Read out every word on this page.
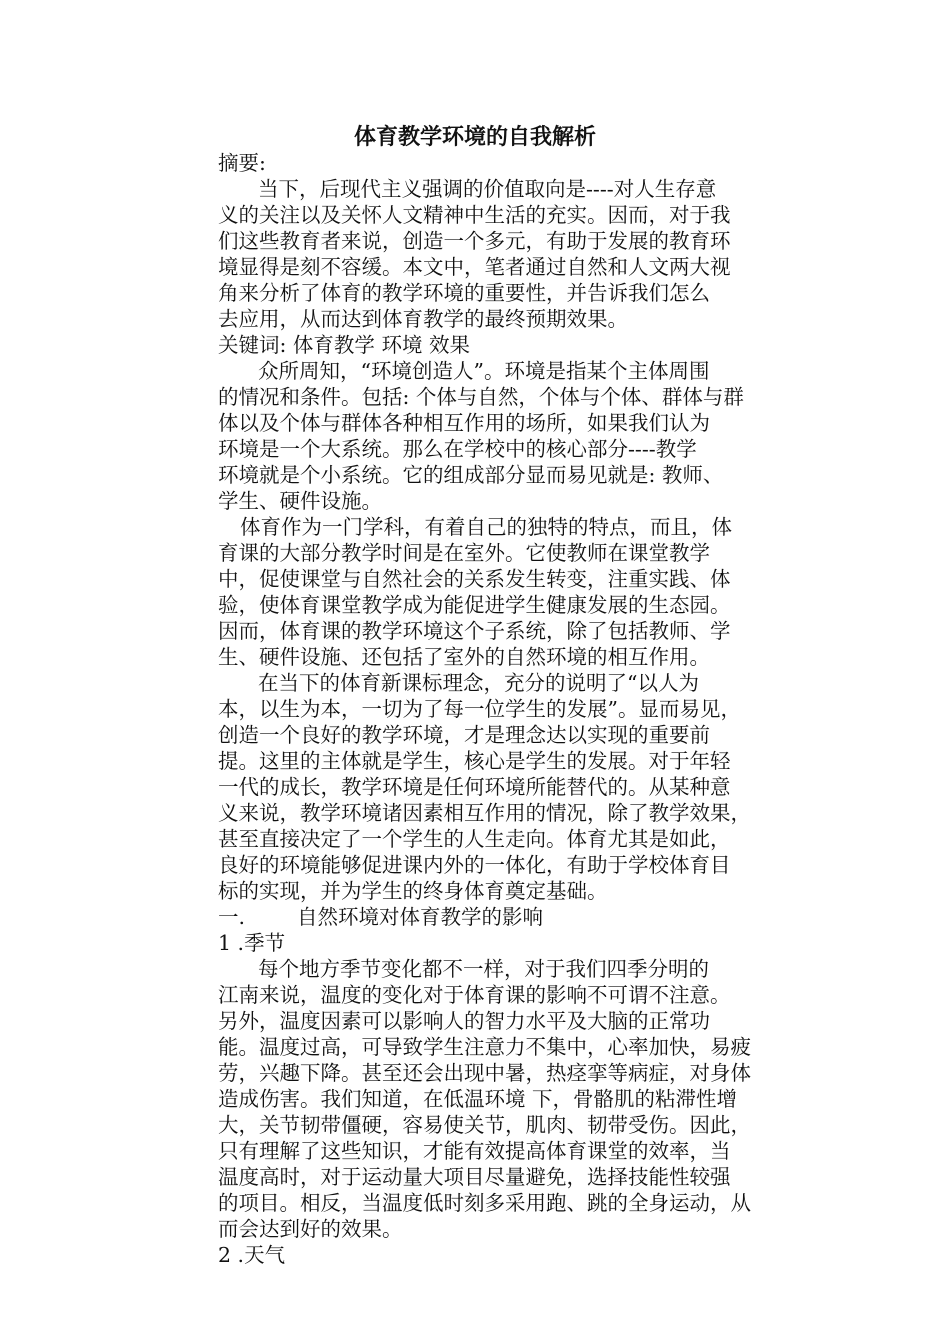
体育教学环境的自我解析
摘要:
当下，后现代主义强调的价值取向是----对人生存意
义的关注以及关怀人文精神中生活的充实。因而，对于我
们这些教育者来说，创造一个多元，有助于发展的教育环
境显得是刻不容缓。本文中，笔者通过自然和人文两大视
角来分析了体育的教学环境的重要性，并告诉我们怎么
去应用，从而达到体育教学的最终预期效果。
关键词: 体育教学 环境 效果
众所周知，“环境创造人”。环境是指某个主体周围
的情况和条件。包括: 个体与自然，个体与个体、群体与群
体以及个体与群体各种相互作用的场所，如果我们认为
环境是一个大系统。那么在学校中的核心部分----教学
环境就是个小系统。它的组成部分显而易见就是: 教师、
学生、硬件设施。
体育作为一门学科，有着自己的独特的特点，而且，体
育课的大部分教学时间是在室外。它使教师在课堂教学
中，促使课堂与自然社会的关系发生转变，注重实践、体
验，使体育课堂教学成为能促进学生健康发展的生态园。
因而，体育课的教学环境这个子系统，除了包括教师、学
生、硬件设施、还包括了室外的自然环境的相互作用。
在当下的体育新课标理念，充分的说明了“以人为
本，以生为本，一切为了每一位学生的发展”。显而易见，
创造一个良好的教学环境，才是理念达以实现的重要前
提。这里的主体就是学生，核心是学生的发展。对于年轻
一代的成长，教学环境是任何环境所能替代的。从某种意
义来说，教学环境诸因素相互作用的情况，除了教学效果，
甚至直接决定了一个学生的人生走向。体育尤其是如此，
良好的环境能够促进课内外的一体化，有助于学校体育目
标的实现，并为学生的终身体育奠定基础。
一.	自然环境对体育教学的影响
1 .季节
每个地方季节变化都不一样，对于我们四季分明的
江南来说，温度的变化对于体育课的影响不可谓不注意。
另外，温度因素可以影响人的智力水平及大脑的正常功
能。温度过高，可导致学生注意力不集中，心率加快，易疲
劳，兴趣下降。甚至还会出现中暑，热痉挛等病症，对身体
造成伤害。我们知道，在低温环境 下，骨骼肌的粘滞性增
大，关节韧带僵硬，容易使关节，肌肉、韧带受伤。因此，
只有理解了这些知识，才能有效提高体育课堂的效率，当
温度高时，对于运动量大项目尽量避免，选择技能性较强
的项目。相反，当温度低时刻多采用跑、跳的全身运动，从
而会达到好的效果。
2 .天气
